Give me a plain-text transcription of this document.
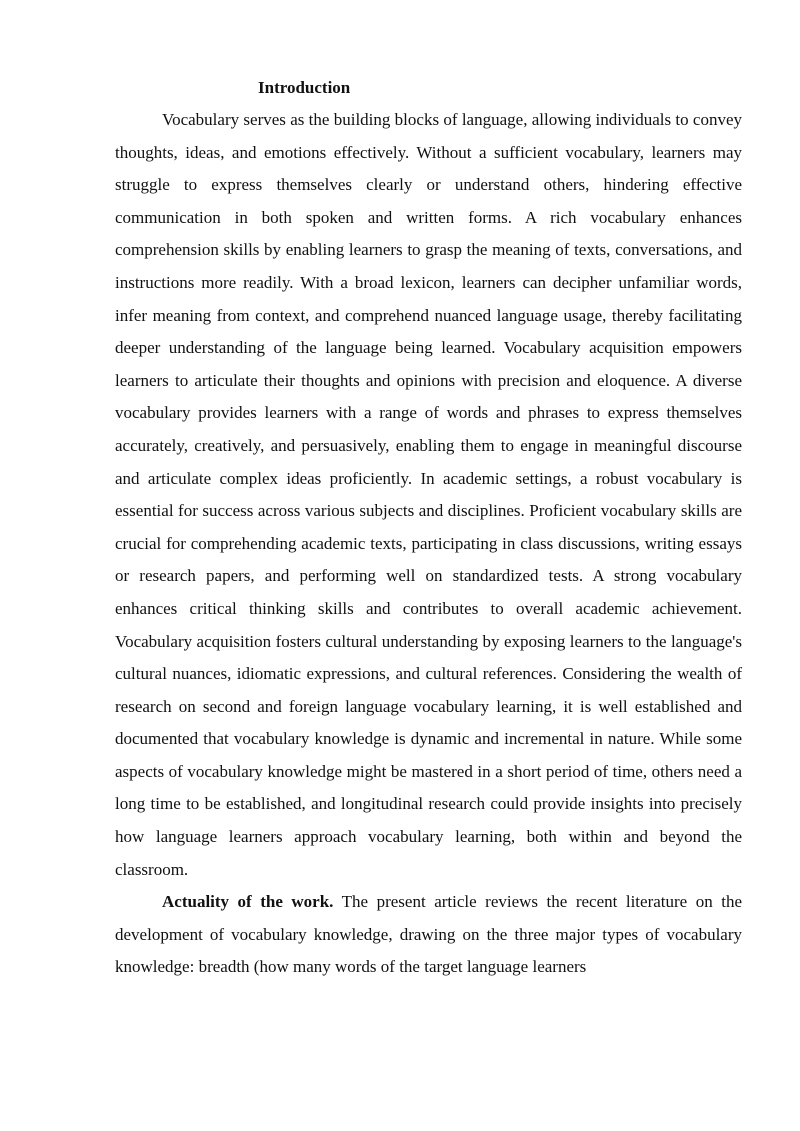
Introduction

Vocabulary serves as the building blocks of language, allowing individuals to convey thoughts, ideas, and emotions effectively. Without a sufficient vocabulary, learners may struggle to express themselves clearly or understand others, hindering effective communication in both spoken and written forms. A rich vocabulary enhances comprehension skills by enabling learners to grasp the meaning of texts, conversations, and instructions more readily. With a broad lexicon, learners can decipher unfamiliar words, infer meaning from context, and comprehend nuanced language usage, thereby facilitating deeper understanding of the language being learned. Vocabulary acquisition empowers learners to articulate their thoughts and opinions with precision and eloquence. A diverse vocabulary provides learners with a range of words and phrases to express themselves accurately, creatively, and persuasively, enabling them to engage in meaningful discourse and articulate complex ideas proficiently. In academic settings, a robust vocabulary is essential for success across various subjects and disciplines. Proficient vocabulary skills are crucial for comprehending academic texts, participating in class discussions, writing essays or research papers, and performing well on standardized tests. A strong vocabulary enhances critical thinking skills and contributes to overall academic achievement. Vocabulary acquisition fosters cultural understanding by exposing learners to the language's cultural nuances, idiomatic expressions, and cultural references. Considering the wealth of research on second and foreign language vocabulary learning, it is well established and documented that vocabulary knowledge is dynamic and incremental in nature. While some aspects of vocabulary knowledge might be mastered in a short period of time, others need a long time to be established, and longitudinal research could provide insights into precisely how language learners approach vocabulary learning, both within and beyond the classroom.

Actuality of the work. The present article reviews the recent literature on the development of vocabulary knowledge, drawing on the three major types of vocabulary knowledge: breadth (how many words of the target language learners
